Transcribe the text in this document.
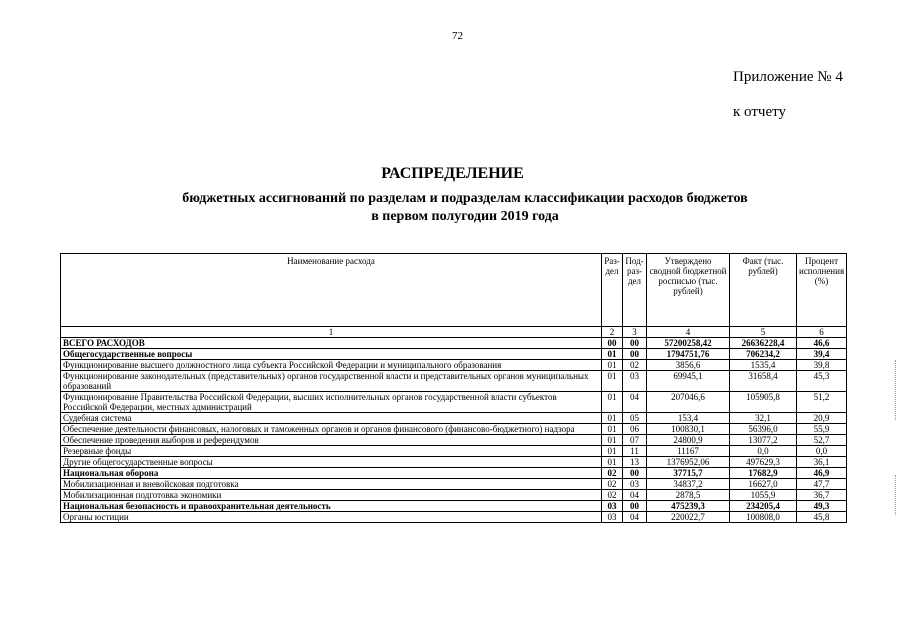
72
Приложение № 4
к отчету
РАСПРЕДЕЛЕНИЕ
бюджетных ассигнований по разделам и подразделам классификации расходов бюджетов
в первом полугодии 2019 года
Наименование расхода	Раз-дел	Под-раз-дел	Утверждено сводной бюджетной росписью (тыс. рублей)	Факт (тыс. рублей)	Процент исполнения (%)
1	2	3	4	5	6
ВСЕГО РАСХОДОВ	00	00	57200258,42	26636228,4	46,6
Общегосударственные вопросы	01	00	1794751,76	706234,2	39,4
Функционирование высшего должностного лица субъекта Российской Федерации и муниципального образования	01	02	3856,6	1535,4	39,8
Функционирование законодательных (представительных) органов государственной власти и представительных органов муниципальных образований	01	03	69945,1	31658,4	45,3
Функционирование Правительства Российской Федерации, высших исполнительных органов государственной власти субъектов Российской Федерации, местных администраций	01	04	207046,6	105905,8	51,2
Судебная система	01	05	153,4	32,1	20,9
Обеспечение деятельности финансовых, налоговых и таможенных органов и органов финансового (финансово-бюджетного) надзора	01	06	100830,1	56396,0	55,9
Обеспечение проведения выборов и референдумов	01	07	24800,9	13077,2	52,7
Резервные фонды	01	11	11167	0,0	0,0
Другие общегосударственные вопросы	01	13	1376952,06	497629,3	36,1
Национальная оборона	02	00	37715,7	17682,9	46,9
Мобилизационная и вневойсковая подготовка	02	03	34837,2	16627,0	47,7
Мобилизационная подготовка экономики	02	04	2878,5	1055,9	36,7
Национальная безопасность и правоохранительная деятельность	03	00	475239,3	234205,4	49,3
Органы юстиции	03	04	220022,7	100808,0	45,8
